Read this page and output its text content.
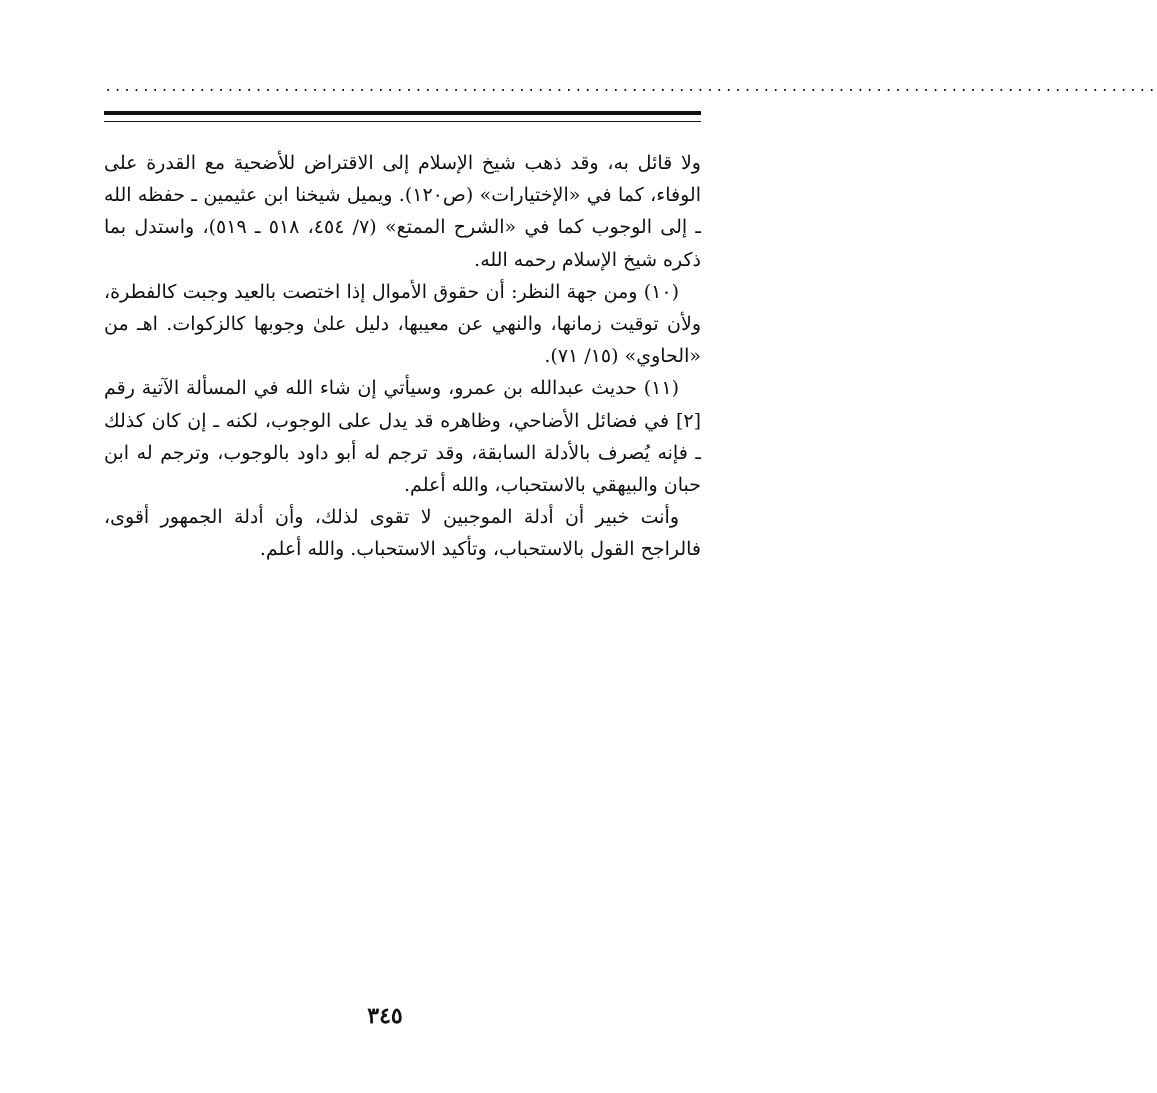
................................................................................................................

ولا قائل به، وقد ذهب شيخ الإسلام إلى الاقتراض للأضحية مع القدرة على الوفاء، كما في «الإختيارات» (ص١٢٠). ويميل شيخنا ابن عثيمين ـ حفظه الله ـ إلى الوجوب كما في «الشرح الممتع» (٧/ ٤٥٤، ٥١٨ ـ ٥١٩)، واستدل بما ذكره شيخ الإسلام رحمه الله.

(١٠) ومن جهة النظر: أن حقوق الأموال إذا اختصت بالعيد وجبت كالفطرة، ولأن توقيت زمانها، والنهي عن معيبها، دليل علىٰ وجوبها كالزكوات. اهـ من «الحاوي» (١٥/ ٧١).

(١١) حديث عبدالله بن عمرو، وسيأتي إن شاء الله في المسألة الآتية رقم [٢] في فضائل الأضاحي، وظاهره قد يدل على الوجوب، لكنه ـ إن كان كذلك ـ فإنه يُصرف بالأدلة السابقة، وقد ترجم له أبو داود بالوجوب، وترجم له ابن حبان والبيهقي بالاستحباب، والله أعلم.

وأنت خبير أن أدلة الموجبين لا تقوى لذلك، وأن أدلة الجمهور أقوى، فالراجح القول بالاستحباب، وتأكيد الاستحباب. والله أعلم.

٣٤٥
